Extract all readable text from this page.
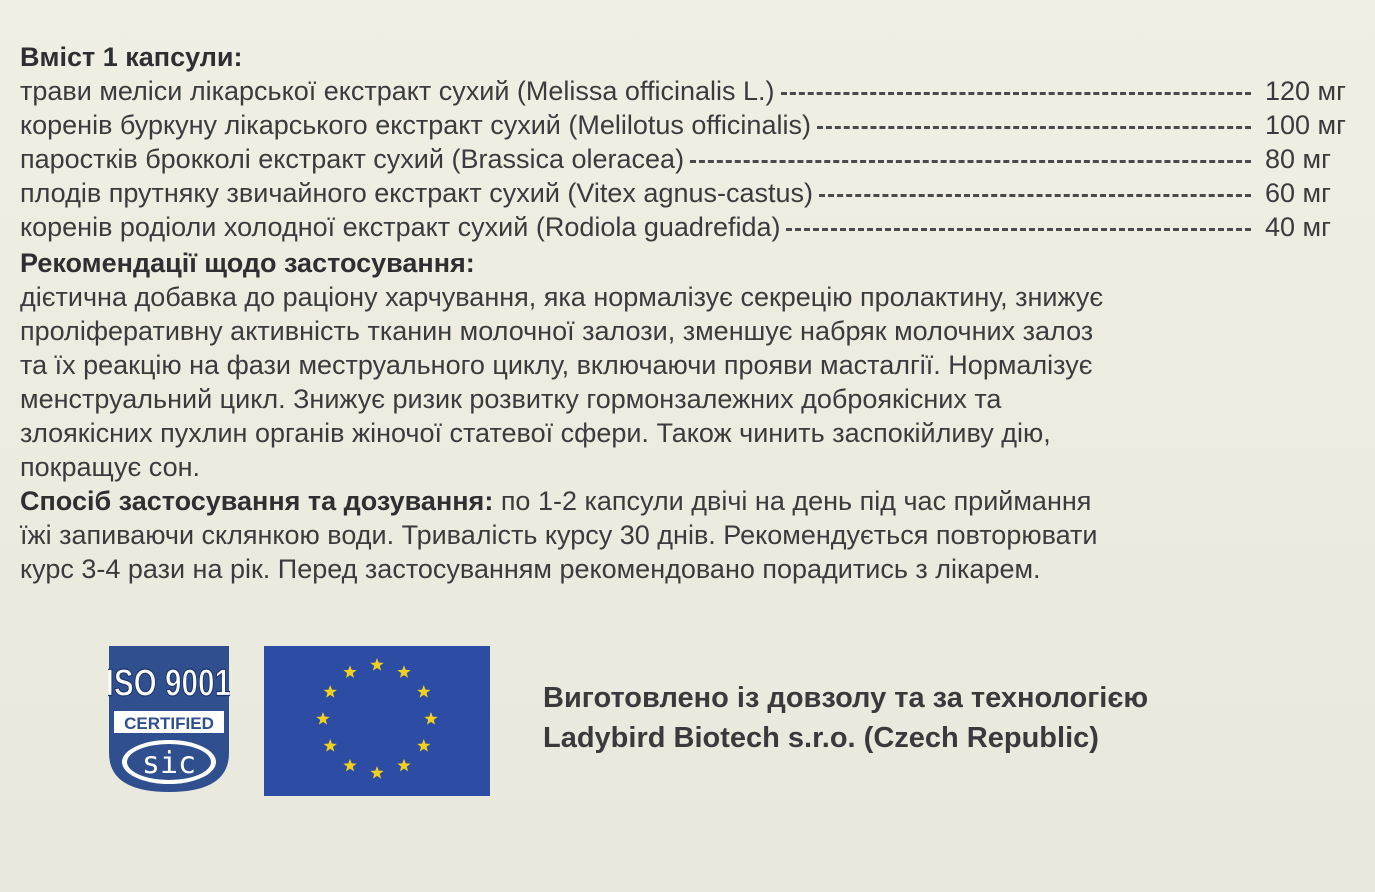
Вміст 1 капсули:
трави меліси лікарської екстракт сухий (Melissa officinalis L.)	120 мг
коренів буркуну лікарського екстракт сухий (Melilotus officinalis)	100 мг
паростків брокколі екстракт сухий (Brassica oleracea)	80 мг
плодів прутняку звичайного екстракт сухий (Vitex agnus-castus)	60 мг
коренів родіоли холодної екстракт сухий (Rodiola guadrefida)	40 мг
Рекомендації щодо застосування:

дієтична добавка до раціону харчування, яка нормалізує секрецію пролактину, знижує
проліферативну активність тканин молочної залози, зменшує набряк молочних залоз
та їх реакцію на фази меструального циклу, включаючи прояви масталгії. Нормалізує
менструальний цикл. Знижує ризик розвитку гормонзалежних доброякісних та
злоякісних пухлин органів жіночої статевої сфери. Також чинить заспокійливу дію,
покращує сон.

Спосіб застосування та дозування: по 1-2 капсули двічі на день під час приймання
їжі запиваючи склянкою води. Тривалість курсу 30 днів. Рекомендується повторювати
курс 3-4 рази на рік. Перед застосуванням рекомендовано порадитись з лікарем.

ISO 9001
CERTIFIED
sic
Виготовлено із довзолу та за технологією
Ladybird Biotech s.r.o. (Czech Republic)
